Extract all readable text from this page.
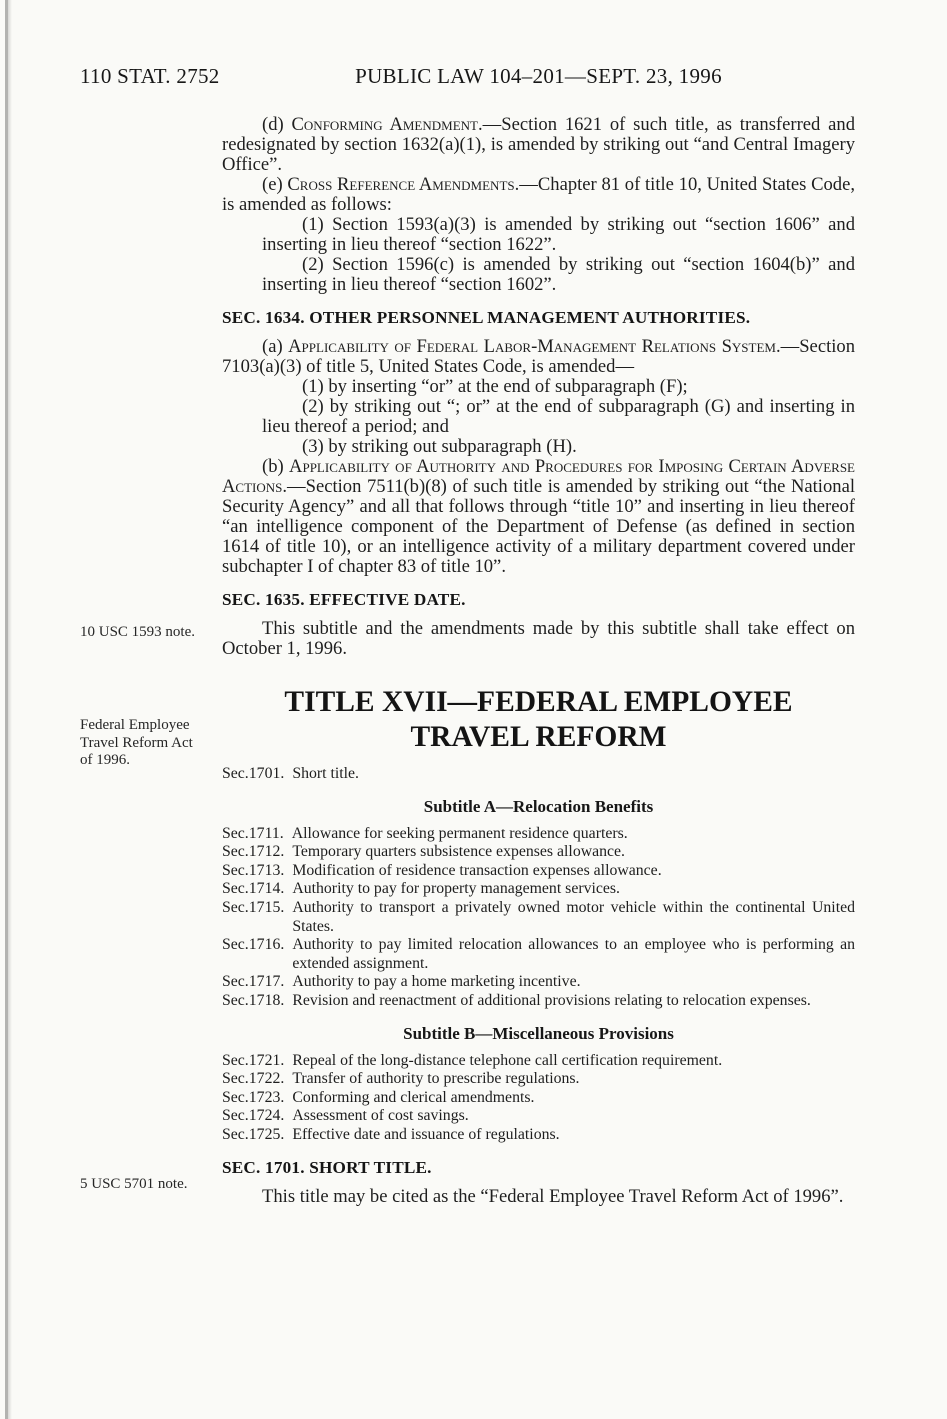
110 STAT. 2752	PUBLIC LAW 104–201—SEPT. 23, 1996
10 USC 1593 note.
Federal Employee Travel Reform Act of 1996.
5 USC 5701 note.

(d) Conforming Amendment.—Section 1621 of such title, as transferred and redesignated by section 1632(a)(1), is amended by striking out “and Central Imagery Office”.

(e) Cross Reference Amendments.—Chapter 81 of title 10, United States Code, is amended as follows:

(1) Section 1593(a)(3) is amended by striking out “section 1606” and inserting in lieu thereof “section 1622”.

(2) Section 1596(c) is amended by striking out “section 1604(b)” and inserting in lieu thereof “section 1602”.

SEC. 1634. OTHER PERSONNEL MANAGEMENT AUTHORITIES.

(a) Applicability of Federal Labor-Management Relations System.—Section 7103(a)(3) of title 5, United States Code, is amended—

(1) by inserting “or” at the end of subparagraph (F);

(2) by striking out “; or” at the end of subparagraph (G) and inserting in lieu thereof a period; and

(3) by striking out subparagraph (H).

(b) Applicability of Authority and Procedures for Imposing Certain Adverse Actions.—Section 7511(b)(8) of such title is amended by striking out “the National Security Agency” and all that follows through “title 10” and inserting in lieu thereof “an intelligence component of the Department of Defense (as defined in section 1614 of title 10), or an intelligence activity of a military department covered under subchapter I of chapter 83 of title 10”.

SEC. 1635. EFFECTIVE DATE.

This subtitle and the amendments made by this subtitle shall take effect on October 1, 1996.

TITLE XVII—FEDERAL EMPLOYEE
TRAVEL REFORM
Sec. 1701. Short title.
Subtitle A—Relocation Benefits
Sec. 1711. Allowance for seeking permanent residence quarters.
Sec. 1712. Temporary quarters subsistence expenses allowance.
Sec. 1713. Modification of residence transaction expenses allowance.
Sec. 1714. Authority to pay for property management services.
Sec. 1715. Authority to transport a privately owned motor vehicle within the continental United States.
Sec. 1716. Authority to pay limited relocation allowances to an employee who is performing an extended assignment.
Sec. 1717. Authority to pay a home marketing incentive.
Sec. 1718. Revision and reenactment of additional provisions relating to relocation expenses.
Subtitle B—Miscellaneous Provisions
Sec. 1721. Repeal of the long-distance telephone call certification requirement.
Sec. 1722. Transfer of authority to prescribe regulations.
Sec. 1723. Conforming and clerical amendments.
Sec. 1724. Assessment of cost savings.
Sec. 1725. Effective date and issuance of regulations.
SEC. 1701. SHORT TITLE.

This title may be cited as the “Federal Employee Travel Reform Act of 1996”.
